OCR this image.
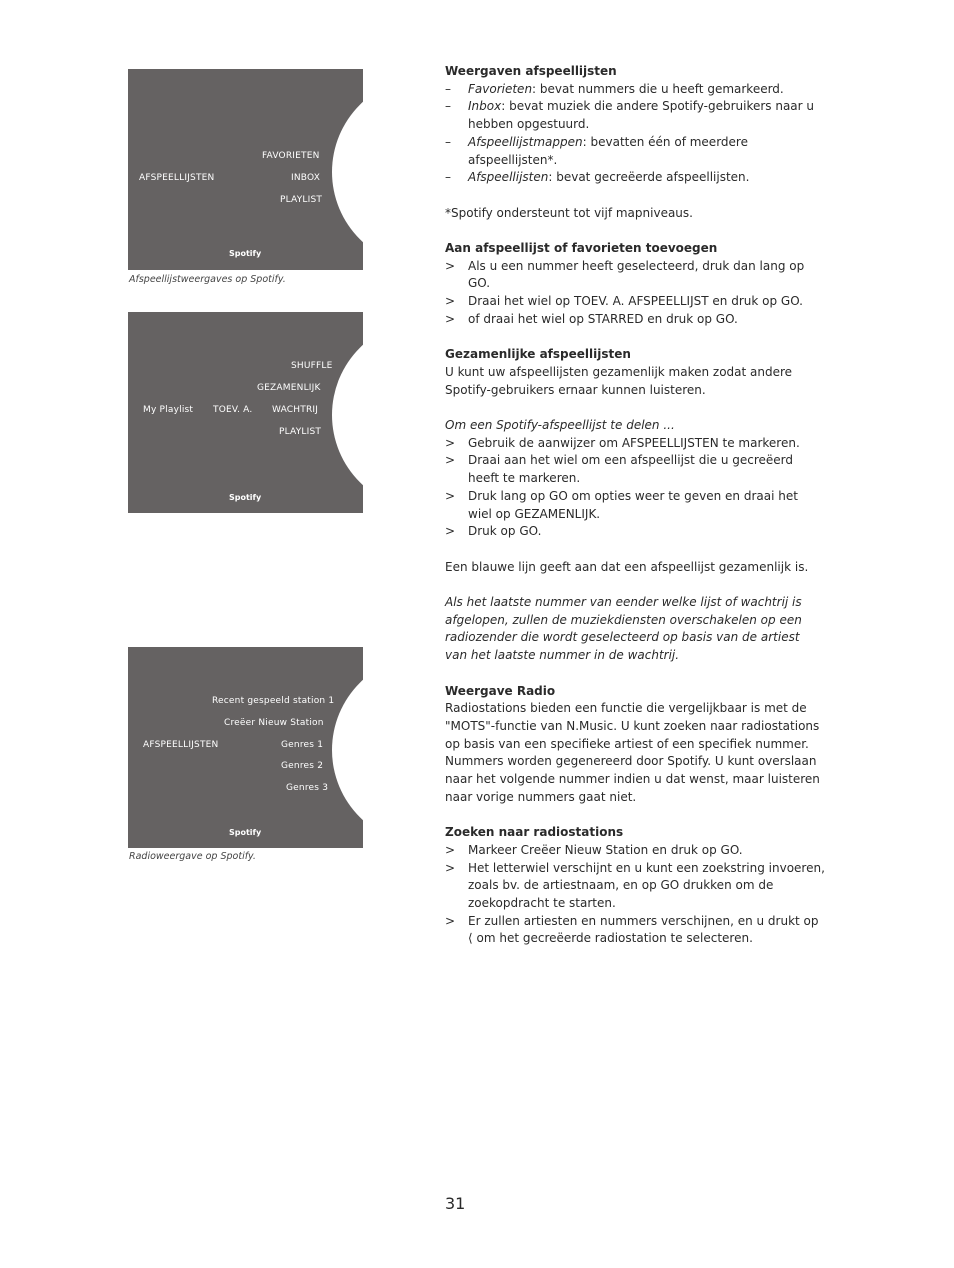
AFSPEELLIJSTEN
FAVORIETEN
INBOX
PLAYLIST
Spotify
Afspeellijstweergaves op Spotify.
My Playlist TOEV. A.
SHUFFLE
GEZAMENLIJK
WACHTRIJ
PLAYLIST
Spotify
AFSPEELLIJSTEN
Recent gespeeld station 1
Creëer Nieuw Station
Genres 1
Genres 2
Genres 3
Spotify
Radioweergave op Spotify.

Weergaven afspeellijsten

– Favorieten: bevat nummers die u heeft gemarkeerd.
– Inbox: bevat muziek die andere Spotify-gebruikers naar u hebben opgestuurd.
– Afspeellijstmappen: bevatten één of meerdere afspeellijsten*.
– Afspeellijsten: bevat gecreëerde afspeellijsten.

*Spotify ondersteunt tot vijf mapniveaus.

Aan afspeellijst of favorieten toevoegen

> Als u een nummer heeft geselecteerd, druk dan lang op GO.
> Draai het wiel op TOEV. A. AFSPEELLIJST en druk op GO.
> of draai het wiel op STARRED en druk op GO.

Gezamenlijke afspeellijsten

U kunt uw afspeellijsten gezamenlijk maken zodat andere Spotify-gebruikers ernaar kunnen luisteren.

Om een Spotify-afspeellijst te delen ...

> Gebruik de aanwijzer om AFSPEELLIJSTEN te markeren.
> Draai aan het wiel om een afspeellijst die u gecreëerd heeft te markeren.
> Druk lang op GO om opties weer te geven en draai het wiel op GEZAMENLIJK.
> Druk op GO.

Een blauwe lijn geeft aan dat een afspeellijst gezamenlijk is.

Als het laatste nummer van eender welke lijst of wachtrij is afgelopen, zullen de muziekdiensten overschakelen op een radiozender die wordt geselecteerd op basis van de artiest van het laatste nummer in de wachtrij.

Weergave Radio

Radiostations bieden een functie die vergelijkbaar is met de "MOTS"-functie van N.Music. U kunt zoeken naar radiostations op basis van een specifieke artiest of een specifiek nummer. Nummers worden gegenereerd door Spotify. U kunt overslaan naar het volgende nummer indien u dat wenst, maar luisteren naar vorige nummers gaat niet.

Zoeken naar radiostations

> Markeer Creëer Nieuw Station en druk op GO.
> Het letterwiel verschijnt en u kunt een zoekstring invoeren, zoals bv. de artiestnaam, en op GO drukken om de zoekopdracht te starten.
> Er zullen artiesten en nummers verschijnen, en u drukt op ⟨ om het gecreëerde radiostation te selecteren.
31
